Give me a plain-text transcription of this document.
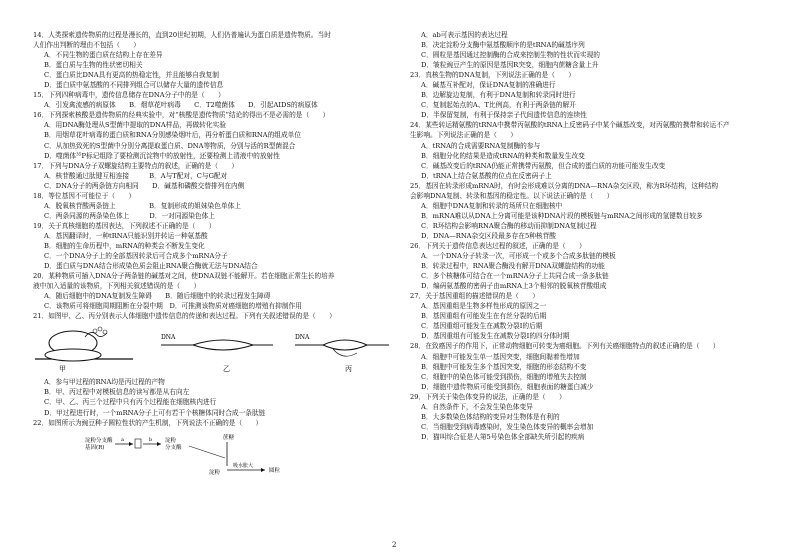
14．人类探索遗传物质的过程是漫长的，直到20世纪初期，人们仍普遍认为蛋白质是遗传物质。当时
人们作出判断的理由不包括（　　）
A．不同生物的蛋白质在结构上存在差异
B．蛋白质与生物的性状密切相关
C．蛋白质比DNA具有更高的热稳定性，并且能够自我复制
D．蛋白质中氨基酸的不同排列组合可以储存大量的遗传信息
15．下列四种病毒中，遗传信息储存在DNA分子中的是（　　）
A．引发禽流感的病原体　　B．烟草花叶病毒　　C．T2噬菌体　　D．引起AIDS的病原体
16．下列探索核酸是遗传物质的经典实验中，对“核酸是遗传物质”结论的得出不是必需的是（　　）
A．用DNA酶处理从S型菌中提取的DNA样品，再做转化实验
B．用烟草花叶病毒的蛋白质和RNA分别感染烟叶后，再分析蛋白质和RNA的组成单位
C．从加热致死的S型菌中分别分离提取蛋白质、DNA等物质，分别与活的R型菌混合
D．噬菌体³⁵P标记组除了要检测沉淀物中的放射性，还要检测上清液中的放射性
17．下列与DNA分子双螺旋结构主要特点的叙述，正确的是（　　）
A．核苷酸通过肽键互相连接　　　B．A与T配对，C与G配对
C．DNA分子的两条链方向相同　　D．碱基和磷酸交替排列在内侧
18．等位基因不可能位于（　　）
A．脱氧核苷酸两条链上　　　　　B．复制形成的姐妹染色单体上
C．两条同源的两条染色体上　　　D．一对同源染色体上
19．关于真核细胞的基因表达，下列叙述不正确的是（　　）
A．基因翻译时，一种tRNA只能识别并转运一种氨基酸
B．细胞的生命历程中，mRNA的种类会不断发生变化
C．一个DNA分子上的全部基因转录后可合成多个mRNA分子
D．蛋白质与DNA结合形成染色质会阻止RNA聚合酶就无法与DNA结合
20．某种物质可插入DNA分子两条链的碱基对之间，使DNA双链不能解开。若在细胞正常生长的培养
液中加入适量的该物质，下列相关叙述错误的是（　　）
A．随后细胞中的DNA复制发生障碍　　B．随后细胞中的转录过程发生障碍
C．该物质可将细胞周期阻断在分裂中期　D．可推测该物质对癌细胞的增殖有抑制作用
21．如图甲、乙、丙分别表示人体细胞中遗传信息的传递和表达过程。下列有关叙述错误的是（　　）
DNA	DNA
甲	乙	丙
A．参与甲过程的RNA均是丙过程的产物
B．甲、丙过程中对模板信息的读写都是从右向左
C．甲、乙、丙三个过程中只有丙个过程能在细胞核内进行
D．甲过程进行时，一个mRNA分子上可有若干个核糖体同时合成一条肽链
22．如图所示为豌豆种子圆粒性状的产生机制，下列说法不正确的是（　　）
淀粉分支酶
基因(R)
a	b 淀粉
分支酶
蔗糖
淀粉
吸水胀大
圆粒
A．ab可表示基因的表达过程
B．决定淀粉分支酶中氨基酸顺序的是tRNA的碱基序列
C．圆粒是基因通过控制酶的合成来控制生物的性状而实现的
D．皱粒豌豆产生的原因是基因R突变，细胞内蔗糖含量上升
23．真核生物的DNA复制，下列说法正确的是（　　）
A．碱基互补配对，保证DNA复制的准确进行
B．边解旋边复制，有利于DNA复制和转录同时进行
C．复制起始点的A、T比例高，有利于两条链的解开
D．半保留复制，有利于保持亲子代间遗传信息的连续性
24．某些转运精氨酸的tRNA中携带丙氨酸的tRNA上反密码子中某个碱基改变，对丙氨酸的携带和转运不产
生影响。下列说法正确的是（　　）
A．tRNA的合成需要RNA复制酶的参与
B．细胞分化的结果是造成tRNA的种类和数量发生改变
C．碱基改变后的tRNA仍能正常携带丙氨酸，但合成的蛋白质的功能可能发生改变
D．tRNA上结合氨基酸的位点在反密码子上
25．基因在转录形成mRNA时，有时会形成难以分离的DNA—RNA杂交区段，称为R环结构，这种结构
会影响DNA复制、转录和基因的稳定性。以下说法正确的是（　　）
A．细胞中DNA复制和转录的场所只在细胞核中
B．mRNA难以从DNA上分离可能是该种DNA片段的模板链与mRNA之间形成的氢键数目较多
C．R环结构会影响RNA聚合酶的移动而抑制DNA复制过程
D．DNA—RNA杂交区段最多存在5种核苷酸
26．下列关于遗传信息表达过程的叙述，正确的是（　　）
A．一个DNA分子转录一次，可形成一个或多个合成多肽链的模板
B．转录过程中，RNA聚合酶没有解开DNA双螺旋结构的功能
C．多个核糖体可结合在一个mRNA分子上共同合成一条多肽链
D．编码氨基酸的密码子由mRNA上3个相邻的脱氧核苷酸组成
27．关于基因重组的描述错误的是（　　）
A．基因重组是生物多样性形成的原因之一
B．基因重组有可能发生在有丝分裂的后期
C．基因重组可能发生在减数分裂Ⅰ的后期
D．基因重组有可能发生在减数分裂Ⅰ的四分体时期
28．在致癌因子的作用下，正常动物细胞可转变为癌细胞。下列有关癌细胞特点的叙述正确的是（　　）
A．细胞中可能发生单一基因突变，细胞间黏着性增加
B．细胞中可能发生多个基因突变，细胞的形态结构不变
C．细胞中的染色体可能受到损伤，细胞的增殖失去控制
D．细胞中遗传物质可能受到损伤，细胞表面的糖蛋白减少
29．下列关于染色体变异的说法，正确的是（　　）
A．自然条件下，不会发生染色体变异
B．大多数染色体结构的变异对生物体是有利的
C．当细胞受到病毒感染时，发生染色体变异的概率会增加
D．猫叫综合征是人第5号染色体全部缺失所引起的疾病
2
